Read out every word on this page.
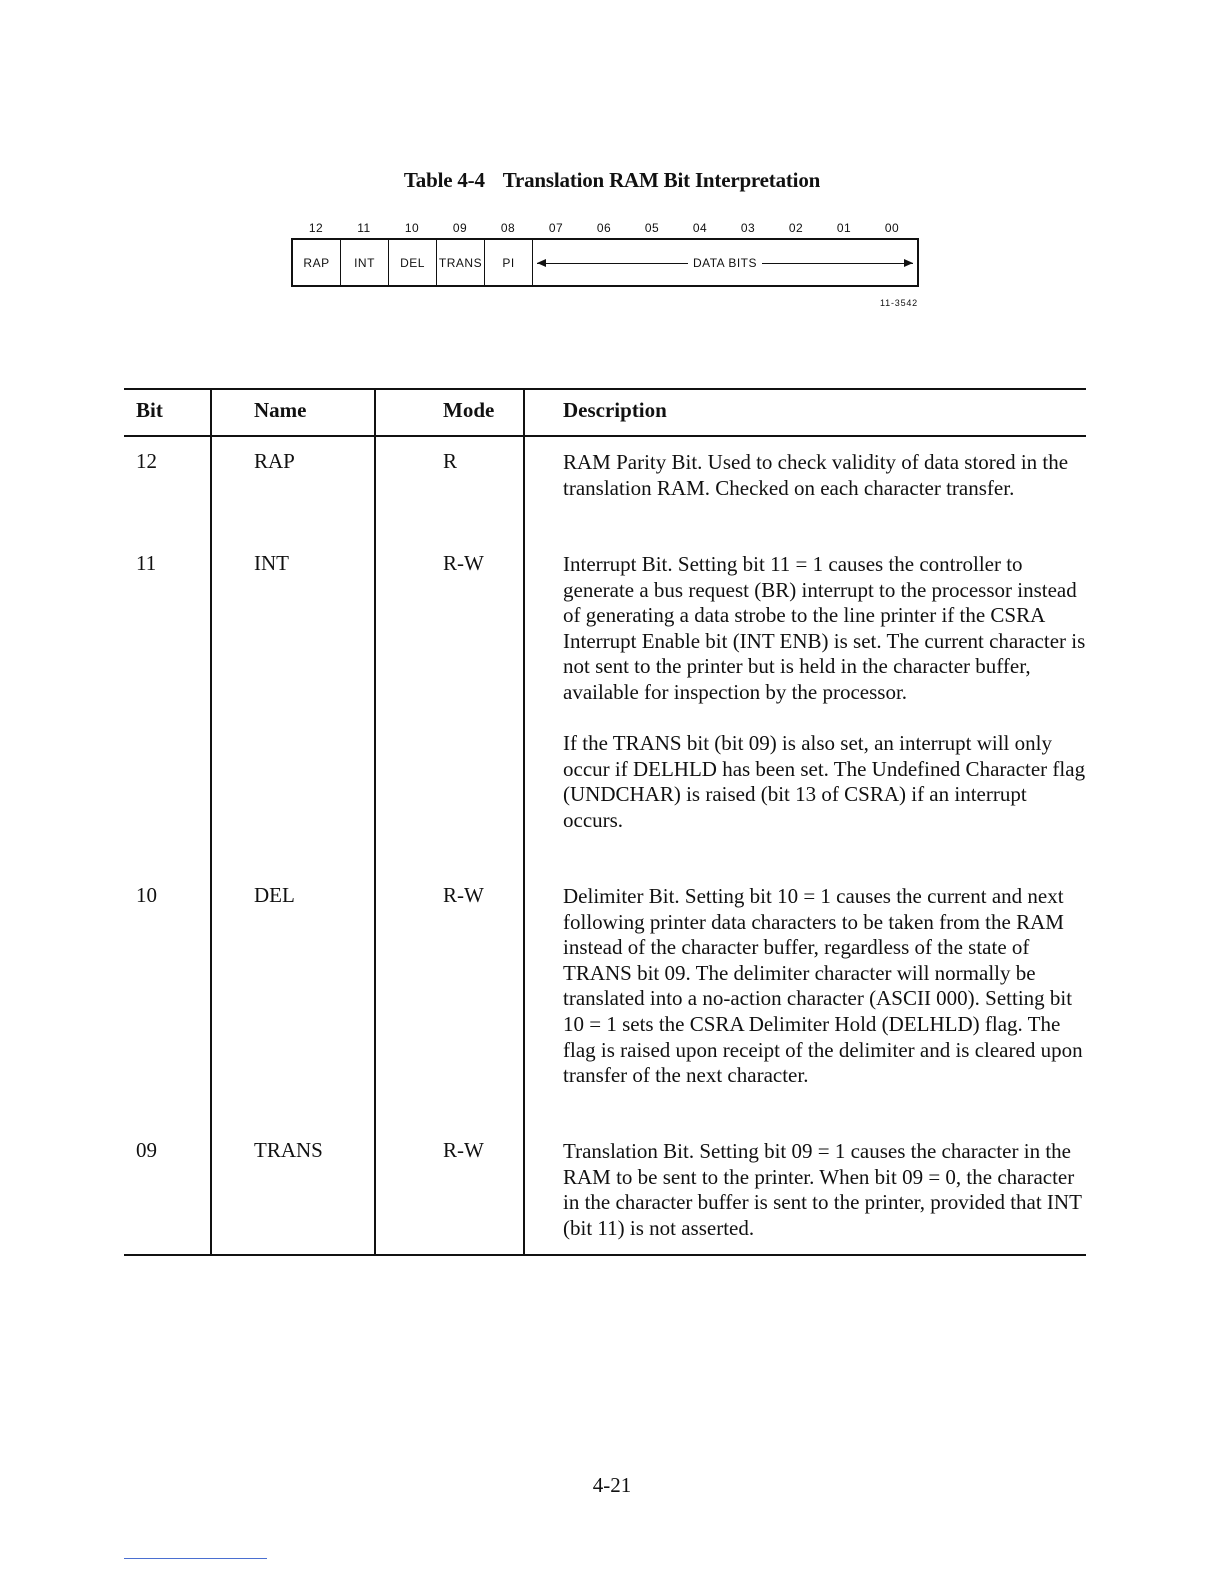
Table 4-4 Translation RAM Bit Interpretation
12	11	10	09	08	07	06	05	04	03	02	01	00
RAP	INT	DEL	TRANS	PI	DATA BITS
11-3542
Bit	Name	Mode	Description
12	RAP	R	RAM Parity Bit. Used to check validity of data stored in the translation RAM. Checked on each character transfer.

11	INT	R-W	Interrupt Bit. Setting bit 11 = 1 causes the controller to generate a bus request (BR) interrupt to the processor instead of generating a data strobe to the line printer if the CSRA Interrupt Enable bit (INT ENB) is set. The current character is not sent to the printer but is held in the character buffer, available for inspection by the processor.

If the TRANS bit (bit 09) is also set, an interrupt will only occur if DELHLD has been set. The Undefined Character flag (UNDCHAR) is raised (bit 13 of CSRA) if an interrupt occurs.

10	DEL	R-W	Delimiter Bit. Setting bit 10 = 1 causes the current and next following printer data characters to be taken from the RAM instead of the character buffer, regardless of the state of TRANS bit 09. The delimiter character will normally be translated into a no-action character (ASCII 000). Setting bit 10 = 1 sets the CSRA Delimiter Hold (DELHLD) flag. The flag is raised upon receipt of the delimiter and is cleared upon transfer of the next character.

09	TRANS	R-W	Translation Bit. Setting bit 09 = 1 causes the character in the RAM to be sent to the printer. When bit 09 = 0, the character in the character buffer is sent to the printer, provided that INT (bit 11) is not asserted.

4-21
